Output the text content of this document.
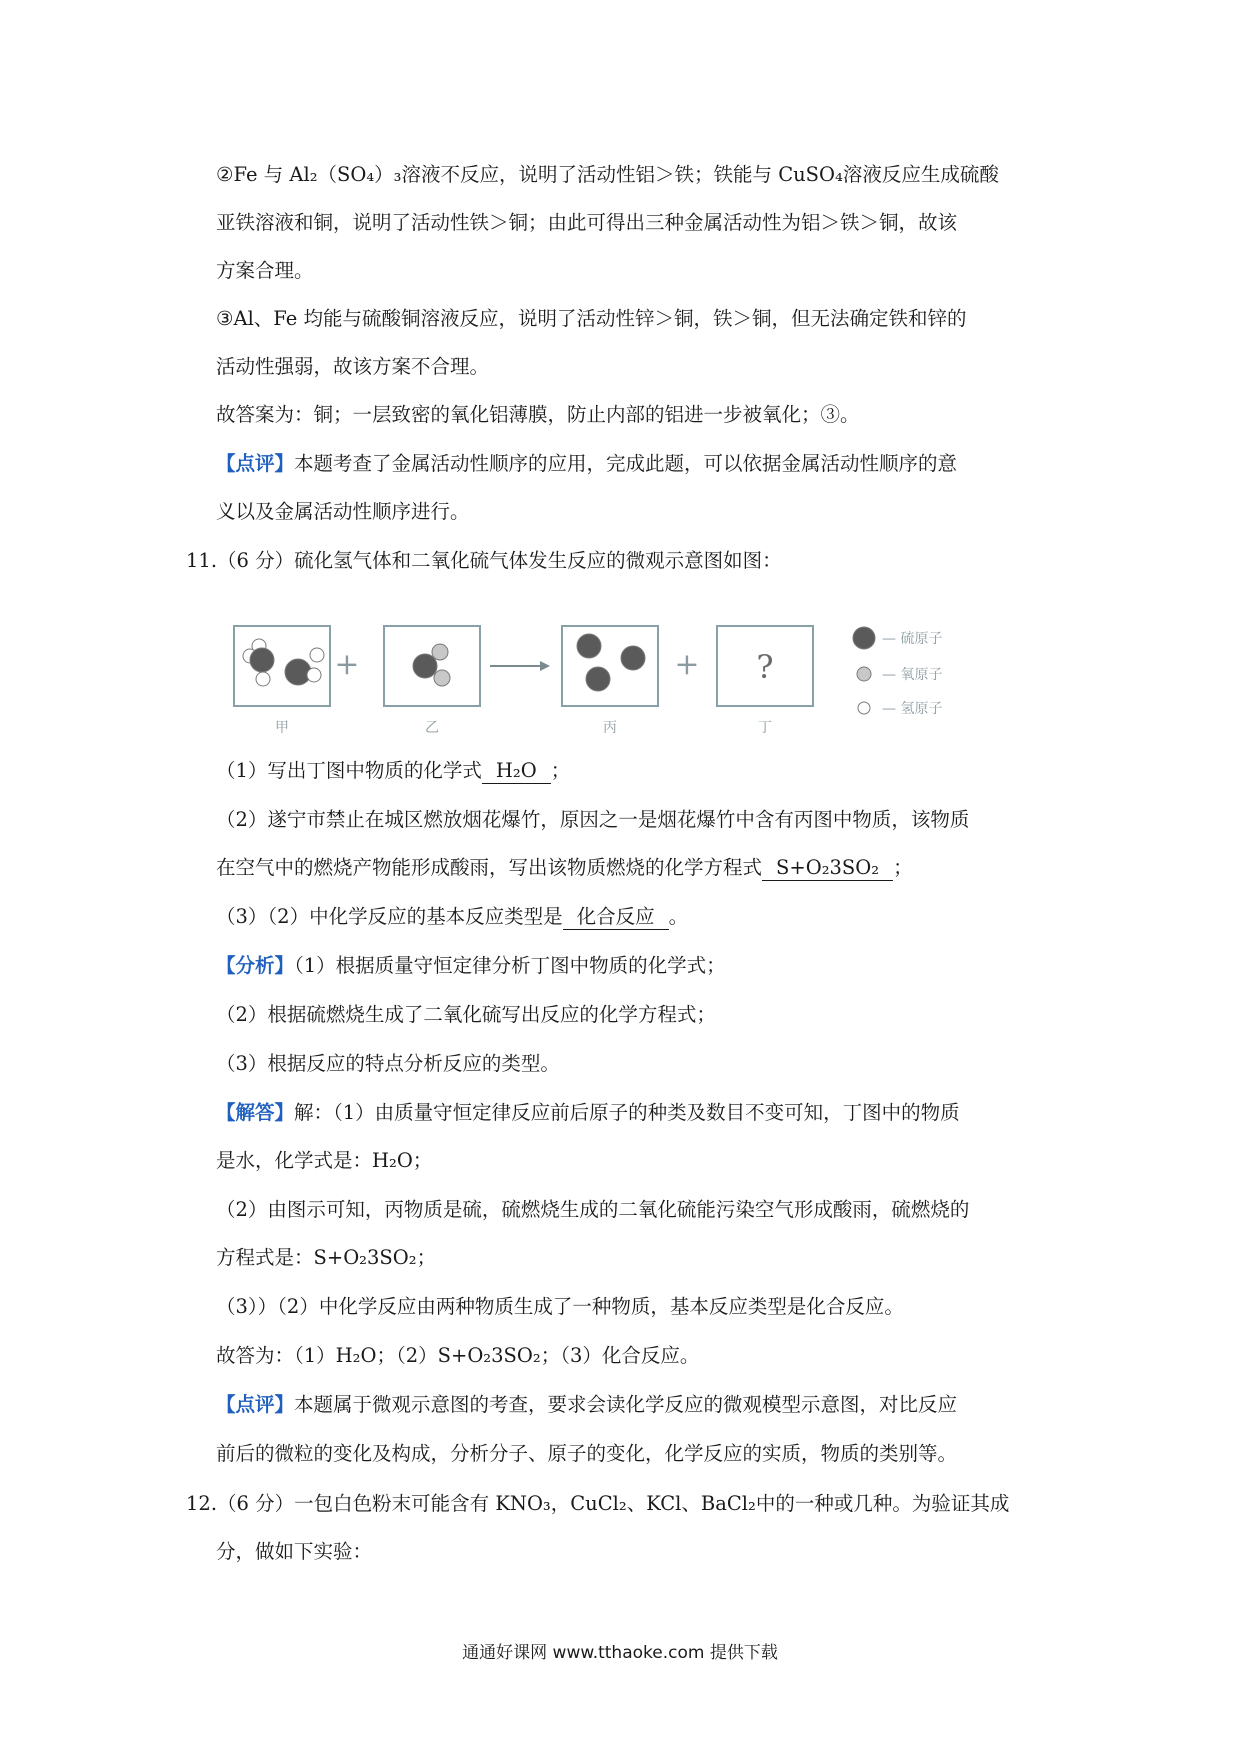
②Fe 与 Al₂（SO₄）₃溶液不反应，说明了活动性铝＞铁；铁能与 CuSO₄溶液反应生成硫酸
亚铁溶液和铜，说明了活动性铁＞铜；由此可得出三种金属活动性为铝＞铁＞铜，故该
方案合理。
③Al、Fe 均能与硫酸铜溶液反应，说明了活动性锌＞铜，铁＞铜，但无法确定铁和锌的
活动性强弱，故该方案不合理。
故答案为：铜；一层致密的氧化铝薄膜，防止内部的铝进一步被氧化；③。
【点评】本题考查了金属活动性顺序的应用，完成此题，可以依据金属活动性顺序的意
义以及金属活动性顺序进行。
11.（6 分）硫化氢气体和二氧化硫气体发生反应的微观示意图如图：
+	+ ?
甲	乙	丙	丁
— 硫原子
— 氧原子
— 氢原子
（1）写出丁图中物质的化学式 H₂O ；
（2）遂宁市禁止在城区燃放烟花爆竹，原因之一是烟花爆竹中含有丙图中物质，该物质
在空气中的燃烧产物能形成酸雨，写出该物质燃烧的化学方程式 S+O₂3SO₂ ；
（3）（2）中化学反应的基本反应类型是 化合反应 。
【分析】（1）根据质量守恒定律分析丁图中物质的化学式；
（2）根据硫燃烧生成了二氧化硫写出反应的化学方程式；
（3）根据反应的特点分析反应的类型。
【解答】解：（1）由质量守恒定律反应前后原子的种类及数目不变可知，丁图中的物质
是水，化学式是：H₂O；
（2）由图示可知，丙物质是硫，硫燃烧生成的二氧化硫能污染空气形成酸雨，硫燃烧的
方程式是：S+O₂3SO₂；
（3））（2）中化学反应由两种物质生成了一种物质，基本反应类型是化合反应。
故答为：（1）H₂O；（2）S+O₂3SO₂；（3）化合反应。
【点评】本题属于微观示意图的考查，要求会读化学反应的微观模型示意图，对比反应
前后的微粒的变化及构成，分析分子、原子的变化，化学反应的实质，物质的类别等。
12.（6 分）一包白色粉末可能含有 KNO₃，CuCl₂、KCl、BaCl₂中的一种或几种。为验证其成
分，做如下实验：
通通好课网 www.tthaoke.com 提供下载
